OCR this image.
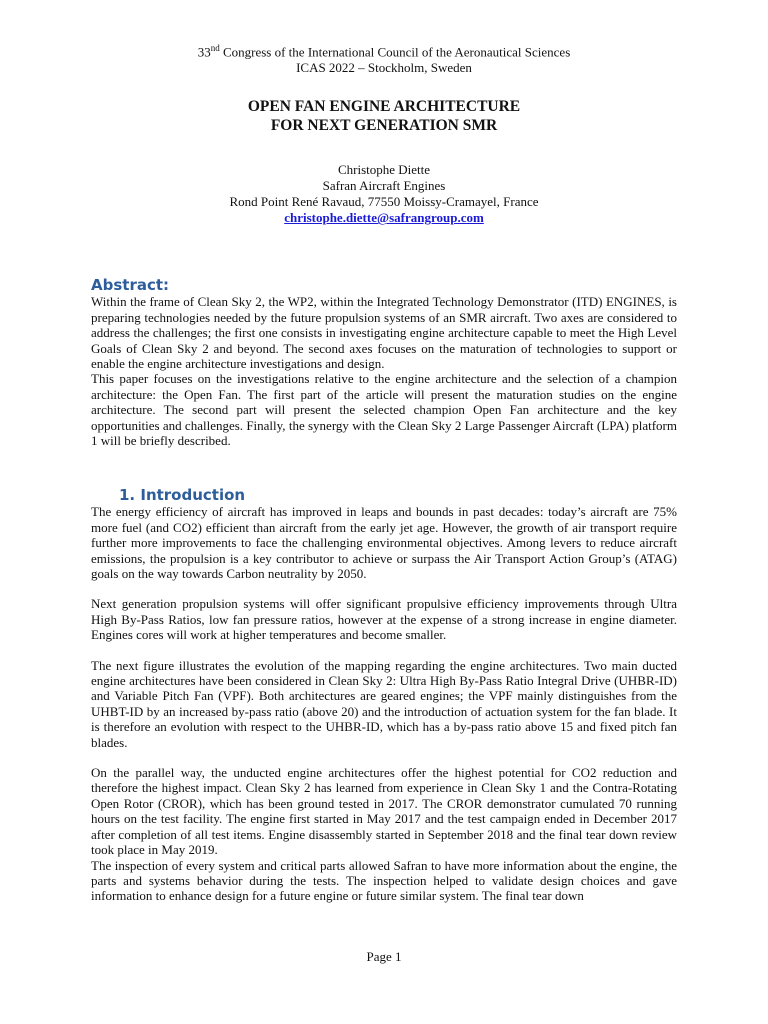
33nd Congress of the International Council of the Aeronautical Sciences

ICAS 2022 – Stockholm, Sweden

OPEN FAN ENGINE ARCHITECTURE
FOR NEXT GENERATION SMR
Christophe Diette
Safran Aircraft Engines
Rond Point René Ravaud, 77550 Moissy-Cramayel, France
christophe.diette@safrangroup.com
Abstract:

Within the frame of Clean Sky 2, the WP2, within the Integrated Technology Demonstrator (ITD) ENGINES, is preparing technologies needed by the future propulsion systems of an SMR aircraft. Two axes are considered to address the challenges; the first one consists in investigating engine architecture capable to meet the High Level Goals of Clean Sky 2 and beyond. The second axes focuses on the maturation of technologies to support or enable the engine architecture investigations and design.

This paper focuses on the investigations relative to the engine architecture and the selection of a champion architecture: the Open Fan. The first part of the article will present the maturation studies on the engine architecture. The second part will present the selected champion Open Fan architecture and the key opportunities and challenges. Finally, the synergy with the Clean Sky 2 Large Passenger Aircraft (LPA) platform 1 will be briefly described.

1. Introduction

The energy efficiency of aircraft has improved in leaps and bounds in past decades: today’s aircraft are 75% more fuel (and CO2) efficient than aircraft from the early jet age. However, the growth of air transport require further more improvements to face the challenging environmental objectives. Among levers to reduce aircraft emissions, the propulsion is a key contributor to achieve or surpass the Air Transport Action Group’s (ATAG) goals on the way towards Carbon neutrality by 2050.

Next generation propulsion systems will offer significant propulsive efficiency improvements through Ultra High By-Pass Ratios, low fan pressure ratios, however at the expense of a strong increase in engine diameter. Engines cores will work at higher temperatures and become smaller.

The next figure illustrates the evolution of the mapping regarding the engine architectures. Two main ducted engine architectures have been considered in Clean Sky 2: Ultra High By-Pass Ratio Integral Drive (UHBR-ID) and Variable Pitch Fan (VPF). Both architectures are geared engines; the VPF mainly distinguishes from the UHBT-ID by an increased by-pass ratio (above 20) and the introduction of actuation system for the fan blade. It is therefore an evolution with respect to the UHBR-ID, which has a by-pass ratio above 15 and fixed pitch fan blades.

On the parallel way, the unducted engine architectures offer the highest potential for CO2 reduction and therefore the highest impact. Clean Sky 2 has learned from experience in Clean Sky 1 and the Contra-Rotating Open Rotor (CROR), which has been ground tested in 2017. The CROR demonstrator cumulated 70 running hours on the test facility. The engine first started in May 2017 and the test campaign ended in December 2017 after completion of all test items. Engine disassembly started in September 2018 and the final tear down review took place in May 2019.

The inspection of every system and critical parts allowed Safran to have more information about the engine, the parts and systems behavior during the tests. The inspection helped to validate design choices and gave information to enhance design for a future engine or future similar system. The final tear down

Page 1
